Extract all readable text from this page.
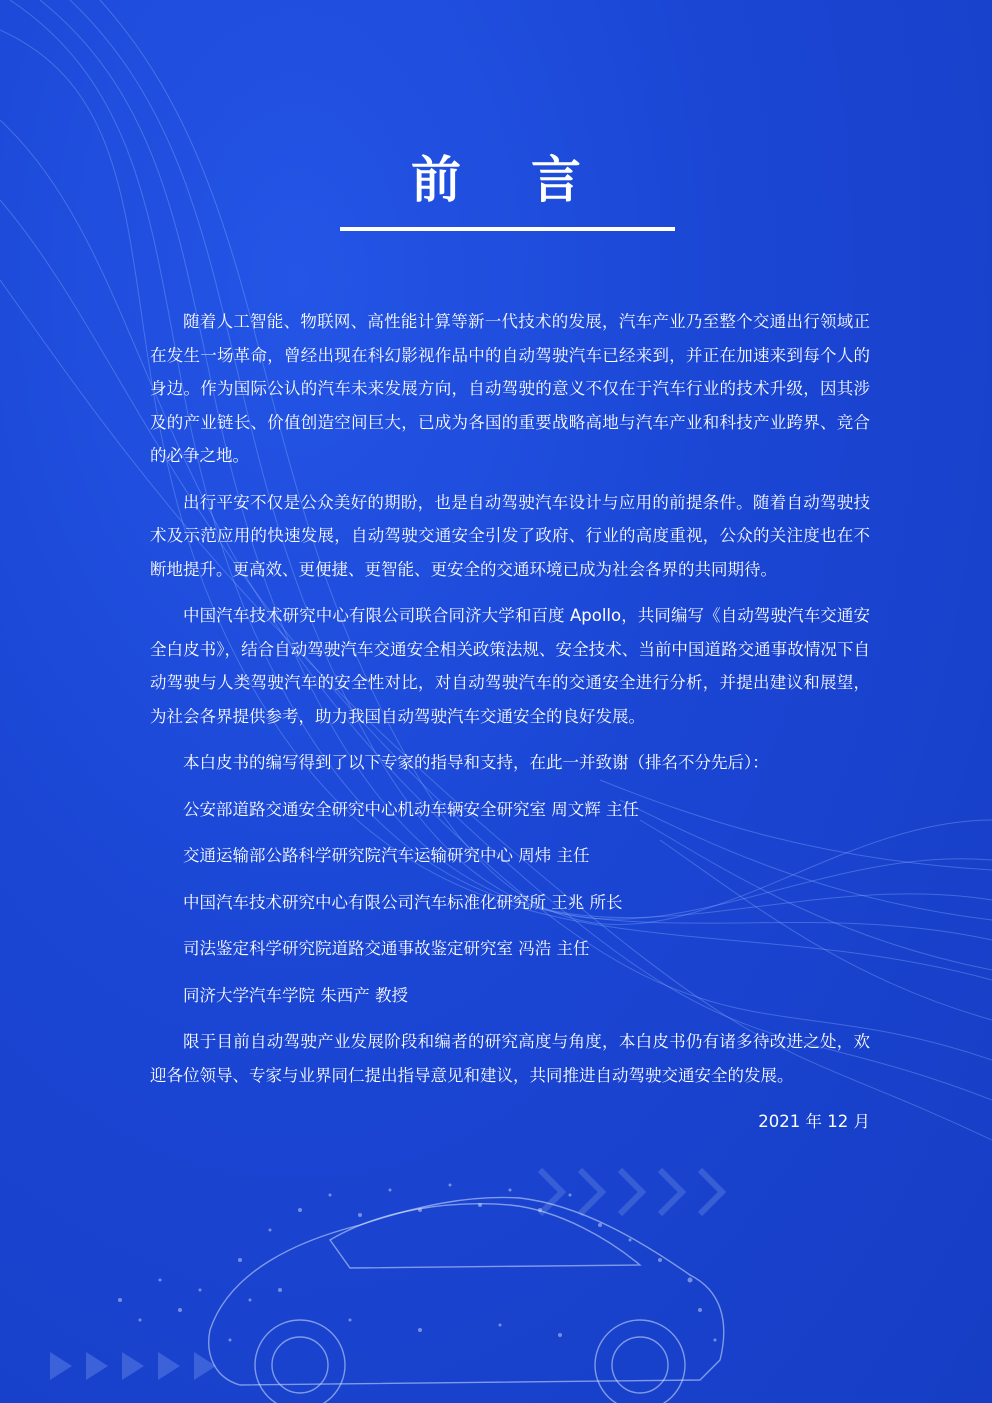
前 言

随着人工智能、物联网、高性能计算等新一代技术的发展，汽车产业乃至整个交通出行领域正在发生一场革命，曾经出现在科幻影视作品中的自动驾驶汽车已经来到，并正在加速来到每个人的身边。作为国际公认的汽车未来发展方向，自动驾驶的意义不仅在于汽车行业的技术升级，因其涉及的产业链长、价值创造空间巨大，已成为各国的重要战略高地与汽车产业和科技产业跨界、竞合的必争之地。

出行平安不仅是公众美好的期盼，也是自动驾驶汽车设计与应用的前提条件。随着自动驾驶技术及示范应用的快速发展，自动驾驶交通安全引发了政府、行业的高度重视，公众的关注度也在不断地提升。更高效、更便捷、更智能、更安全的交通环境已成为社会各界的共同期待。

中国汽车技术研究中心有限公司联合同济大学和百度 Apollo，共同编写《自动驾驶汽车交通安全白皮书》，结合自动驾驶汽车交通安全相关政策法规、安全技术、当前中国道路交通事故情况下自动驾驶与人类驾驶汽车的安全性对比，对自动驾驶汽车的交通安全进行分析，并提出建议和展望，为社会各界提供参考，助力我国自动驾驶汽车交通安全的良好发展。

本白皮书的编写得到了以下专家的指导和支持，在此一并致谢（排名不分先后）：

公安部道路交通安全研究中心机动车辆安全研究室 周文辉 主任

交通运输部公路科学研究院汽车运输研究中心 周炜 主任

中国汽车技术研究中心有限公司汽车标准化研究所 王兆 所长

司法鉴定科学研究院道路交通事故鉴定研究室 冯浩 主任

同济大学汽车学院 朱西产 教授

限于目前自动驾驶产业发展阶段和编者的研究高度与角度，本白皮书仍有诸多待改进之处，欢迎各位领导、专家与业界同仁提出指导意见和建议，共同推进自动驾驶交通安全的发展。

2021 年 12 月
